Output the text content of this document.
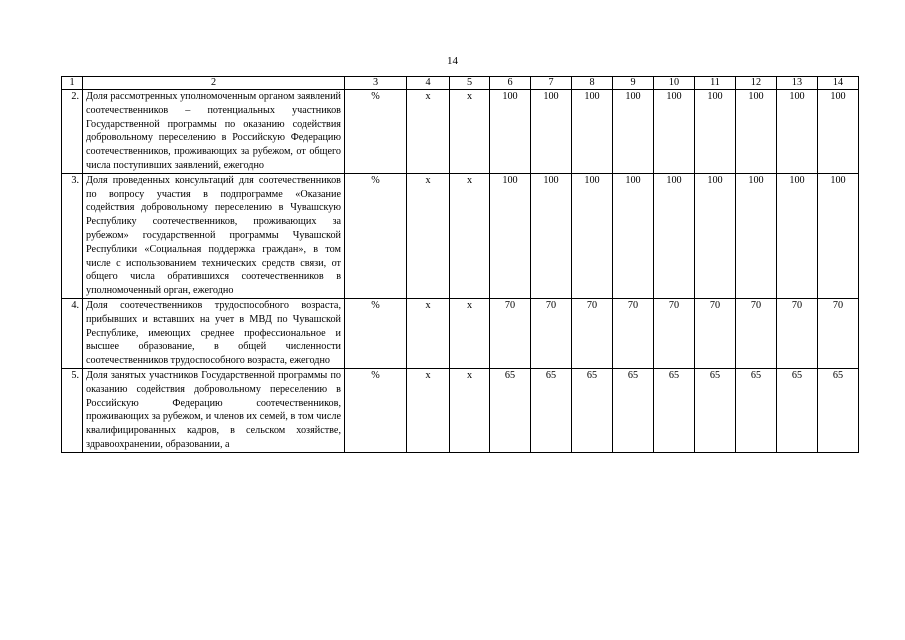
14
1	2	3	4	5	6	7	8	9	10	11	12	13	14
2.	Доля рассмотренных уполномоченным органом заявлений соотечественников – потенциальных участников Государственной программы по оказанию содействия добровольному переселению в Российскую Федерацию соотечественников, проживающих за рубежом, от общего числа поступивших заявлений, ежегодно	%	x	x	100	100	100	100	100	100	100	100	100
3.	Доля проведенных консультаций для соотечественников по вопросу участия в подпрограмме «Оказание содействия добровольному переселению в Чувашскую Республику соотечественников, проживающих за рубежом» государственной программы Чувашской Республики «Социальная поддержка граждан», в том числе с использованием технических средств связи, от общего числа обратившихся соотечественников в уполномоченный орган, ежегодно	%	x	x	100	100	100	100	100	100	100	100	100
4.	Доля соотечественников трудоспособного возраста, прибывших и вставших на учет в МВД по Чувашской Республике, имеющих среднее профессиональное и высшее образование, в общей численности соотечественников трудоспособного возраста, ежегодно	%	x	x	70	70	70	70	70	70	70	70	70
5.	Доля занятых участников Государственной программы по оказанию содействия добровольному переселению в Российскую Федерацию соотечественников, проживающих за рубежом, и членов их семей, в том числе квалифицированных кадров, в сельском хозяйстве, здравоохранении, образовании, а	%	x	x	65	65	65	65	65	65	65	65	65
